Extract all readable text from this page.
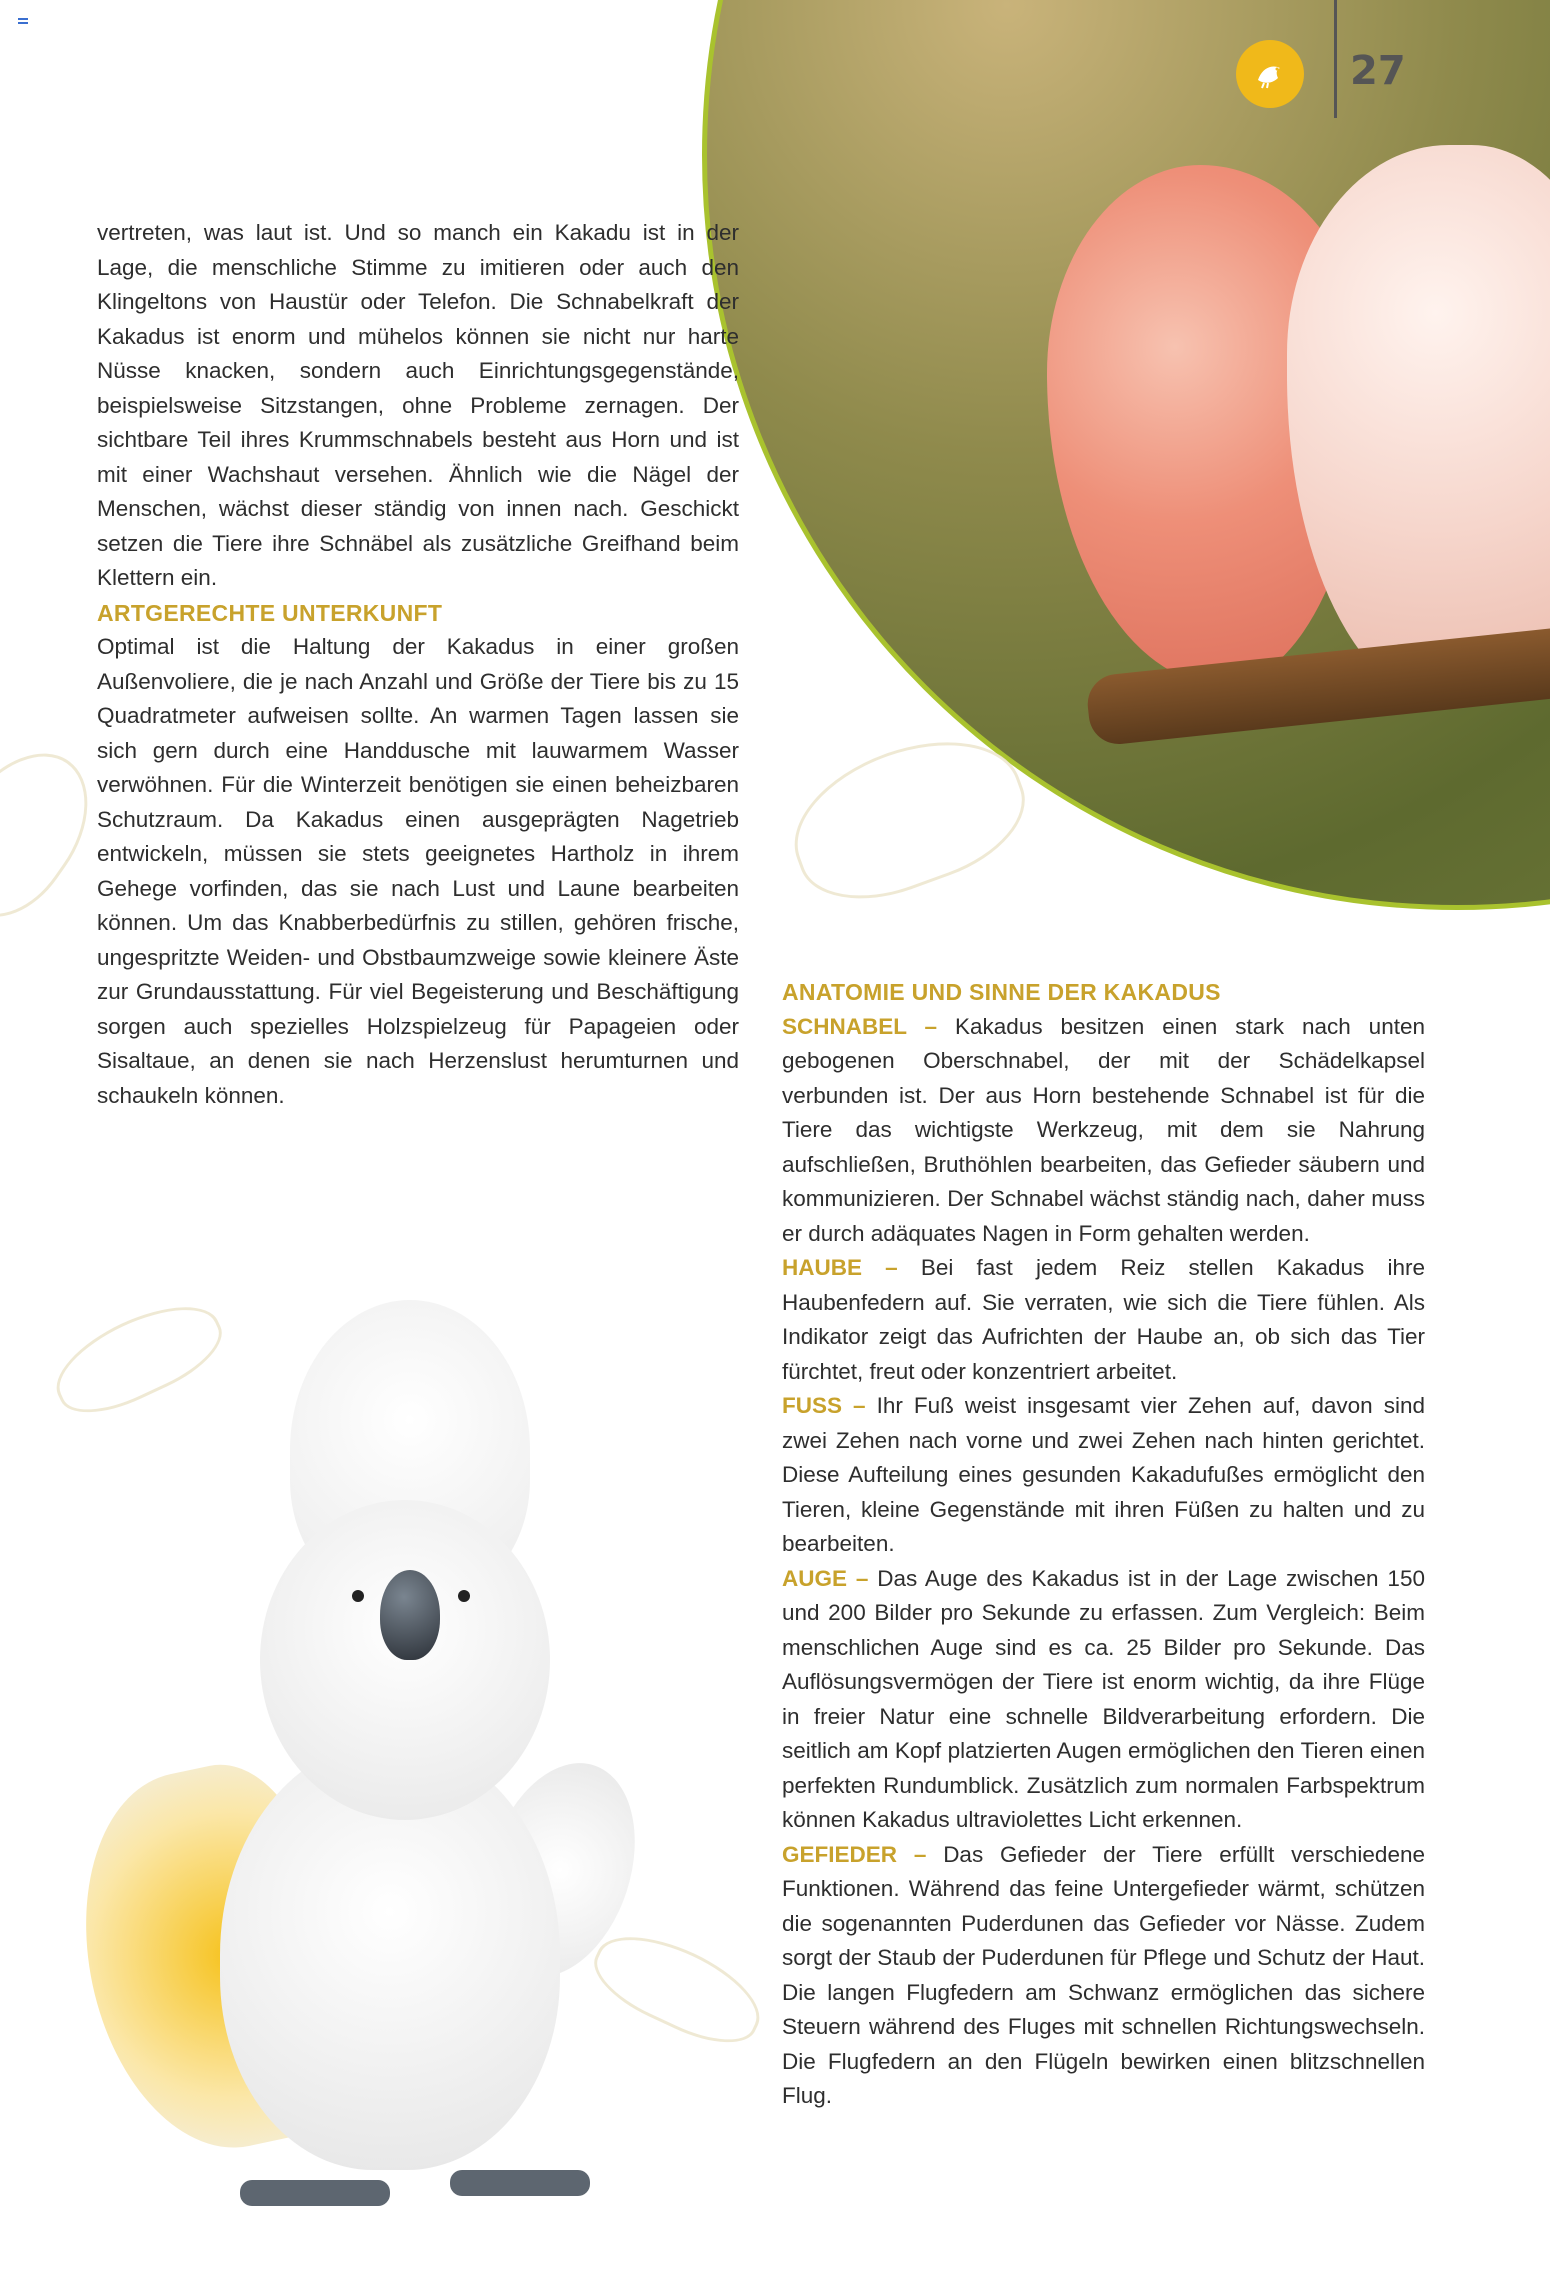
27

vertreten, was laut ist. Und so manch ein Kakadu ist in der Lage, die menschliche Stimme zu imitieren oder auch den Klingeltons von Haustür oder Telefon. Die Schnabelkraft der Kakadus ist enorm und mühelos können sie nicht nur harte Nüsse knacken, sondern auch Einrichtungsgegenstände, beispielsweise Sitzstangen, ohne Probleme zernagen. Der sichtbare Teil ihres Krummschnabels besteht aus Horn und ist mit einer Wachshaut versehen. Ähnlich wie die Nägel der Menschen, wächst dieser ständig von innen nach. Geschickt setzen die Tiere ihre Schnäbel als zusätzliche Greifhand beim Klettern ein.

ARTGERECHTE UNTERKUNFT

Optimal ist die Haltung der Kakadus in einer großen Außenvoliere, die je nach Anzahl und Größe der Tiere bis zu 15 Quadratmeter aufweisen sollte. An warmen Tagen lassen sie sich gern durch eine Handdusche mit lauwarmem Wasser verwöhnen. Für die Winterzeit benötigen sie einen beheizbaren Schutzraum. Da Kakadus einen ausgeprägten Nagetrieb entwickeln, müssen sie stets geeignetes Hartholz in ihrem Gehege vorfinden, das sie nach Lust und Laune bearbeiten können. Um das Knabberbedürfnis zu stillen, gehören frische, ungespritzte Weiden- und Obstbaumzweige sowie kleinere Äste zur Grundausstattung. Für viel Begeisterung und Beschäftigung sorgen auch spezielles Holzspielzeug für Papageien oder Sisaltaue, an denen sie nach Herzenslust herumturnen und schaukeln können.

ANATOMIE UND SINNE DER KAKADUS

SCHNABEL – Kakadus besitzen einen stark nach unten gebogenen Oberschnabel, der mit der Schädelkapsel verbunden ist. Der aus Horn bestehende Schnabel ist für die Tiere das wichtigste Werkzeug, mit dem sie Nahrung aufschließen, Bruthöhlen bearbeiten, das Gefieder säubern und kommunizieren. Der Schnabel wächst ständig nach, daher muss er durch adäquates Nagen in Form gehalten werden.

HAUBE – Bei fast jedem Reiz stellen Kakadus ihre Haubenfedern auf. Sie verraten, wie sich die Tiere fühlen. Als Indikator zeigt das Aufrichten der Haube an, ob sich das Tier fürchtet, freut oder konzentriert arbeitet.

FUSS – Ihr Fuß weist insgesamt vier Zehen auf, davon sind zwei Zehen nach vorne und zwei Zehen nach hinten gerichtet. Diese Aufteilung eines gesunden Kakadufußes ermöglicht den Tieren, kleine Gegenstände mit ihren Füßen zu halten und zu bearbeiten.

AUGE – Das Auge des Kakadus ist in der Lage zwischen 150 und 200 Bilder pro Sekunde zu erfassen. Zum Vergleich: Beim menschlichen Auge sind es ca. 25 Bilder pro Sekunde. Das Auflösungsvermögen der Tiere ist enorm wichtig, da ihre Flüge in freier Natur eine schnelle Bildverarbeitung erfordern. Die seitlich am Kopf platzierten Augen ermöglichen den Tieren einen perfekten Rundumblick. Zusätzlich zum normalen Farbspektrum können Kakadus ultraviolettes Licht erkennen.

GEFIEDER – Das Gefieder der Tiere erfüllt verschiedene Funktionen. Während das feine Untergefieder wärmt, schützen die sogenannten Puderdunen das Gefieder vor Nässe. Zudem sorgt der Staub der Puderdunen für Pflege und Schutz der Haut. Die langen Flugfedern am Schwanz ermöglichen das sichere Steuern während des Fluges mit schnellen Richtungswechseln. Die Flugfedern an den Flügeln bewirken einen blitzschnellen Flug.
